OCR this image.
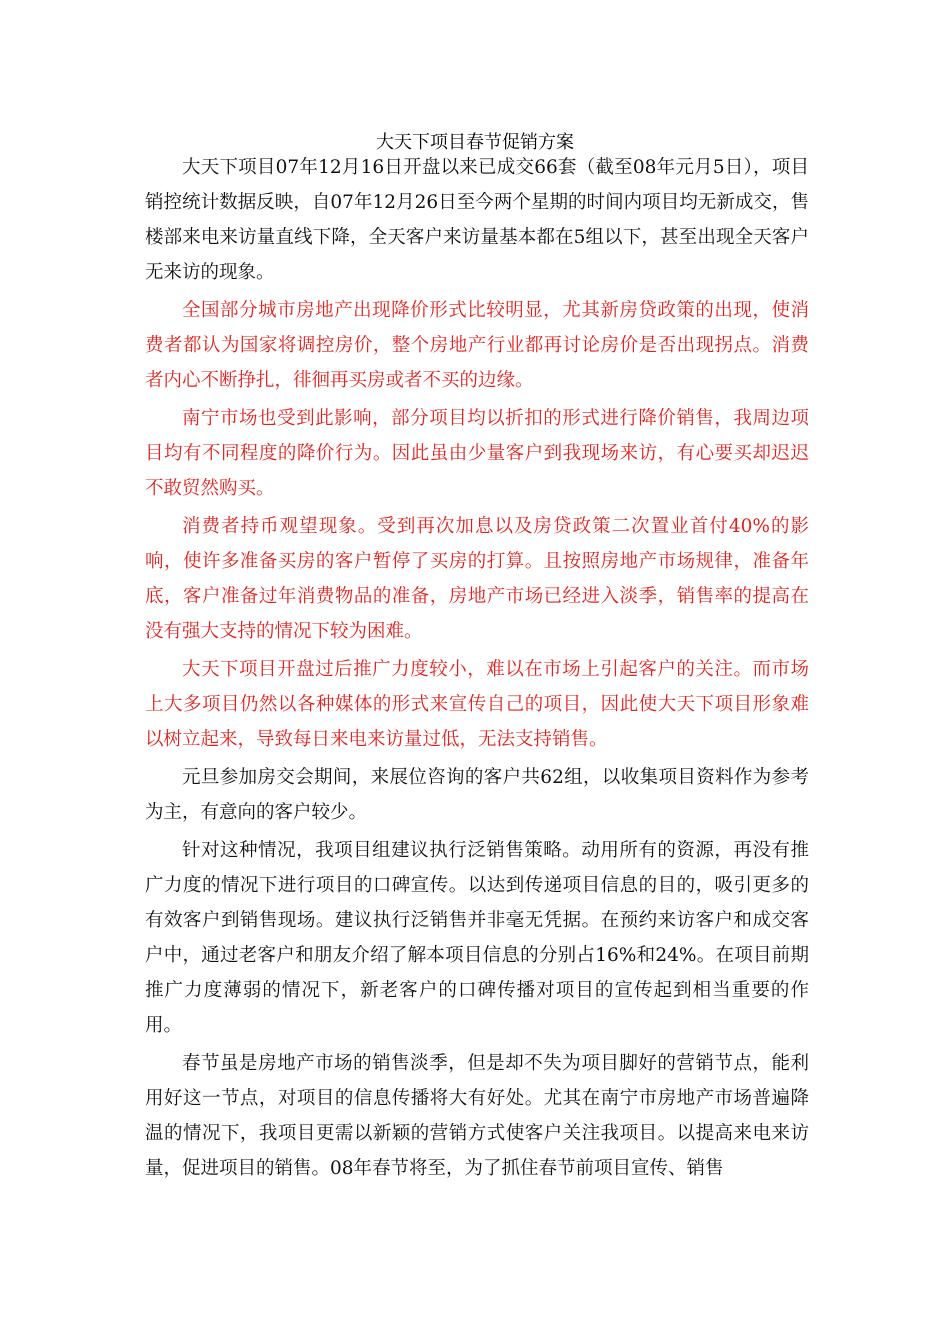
大天下项目春节促销方案

大天下项目07年12月16日开盘以来已成交66套（截至08年元月5日），项目销控统计数据反映，自07年12月26日至今两个星期的时间内项目均无新成交，售楼部来电来访量直线下降，全天客户来访量基本都在5组以下，甚至出现全天客户无来访的现象。

全国部分城市房地产出现降价形式比较明显，尤其新房贷政策的出现，使消费者都认为国家将调控房价，整个房地产行业都再讨论房价是否出现拐点。消费者内心不断挣扎，徘徊再买房或者不买的边缘。

南宁市场也受到此影响，部分项目均以折扣的形式进行降价销售，我周边项目均有不同程度的降价行为。因此虽由少量客户到我现场来访，有心要买却迟迟不敢贸然购买。

消费者持币观望现象。受到再次加息以及房贷政策二次置业首付40%的影响，使许多准备买房的客户暂停了买房的打算。且按照房地产市场规律，准备年底，客户准备过年消费物品的准备，房地产市场已经进入淡季，销售率的提高在没有强大支持的情况下较为困难。

大天下项目开盘过后推广力度较小，难以在市场上引起客户的关注。而市场上大多项目仍然以各种媒体的形式来宣传自己的项目，因此使大天下项目形象难以树立起来，导致每日来电来访量过低，无法支持销售。

元旦参加房交会期间，来展位咨询的客户共62组，以收集项目资料作为参考为主，有意向的客户较少。

针对这种情况，我项目组建议执行泛销售策略。动用所有的资源，再没有推广力度的情况下进行项目的口碑宣传。以达到传递项目信息的目的，吸引更多的有效客户到销售现场。建议执行泛销售并非毫无凭据。在预约来访客户和成交客户中，通过老客户和朋友介绍了解本项目信息的分别占16%和24%。在项目前期推广力度薄弱的情况下，新老客户的口碑传播对项目的宣传起到相当重要的作用。

春节虽是房地产市场的销售淡季，但是却不失为项目脚好的营销节点，能利用好这一节点，对项目的信息传播将大有好处。尤其在南宁市房地产市场普遍降温的情况下，我项目更需以新颖的营销方式使客户关注我项目。以提高来电来访量，促进项目的销售。08年春节将至，为了抓住春节前项目宣传、销售
